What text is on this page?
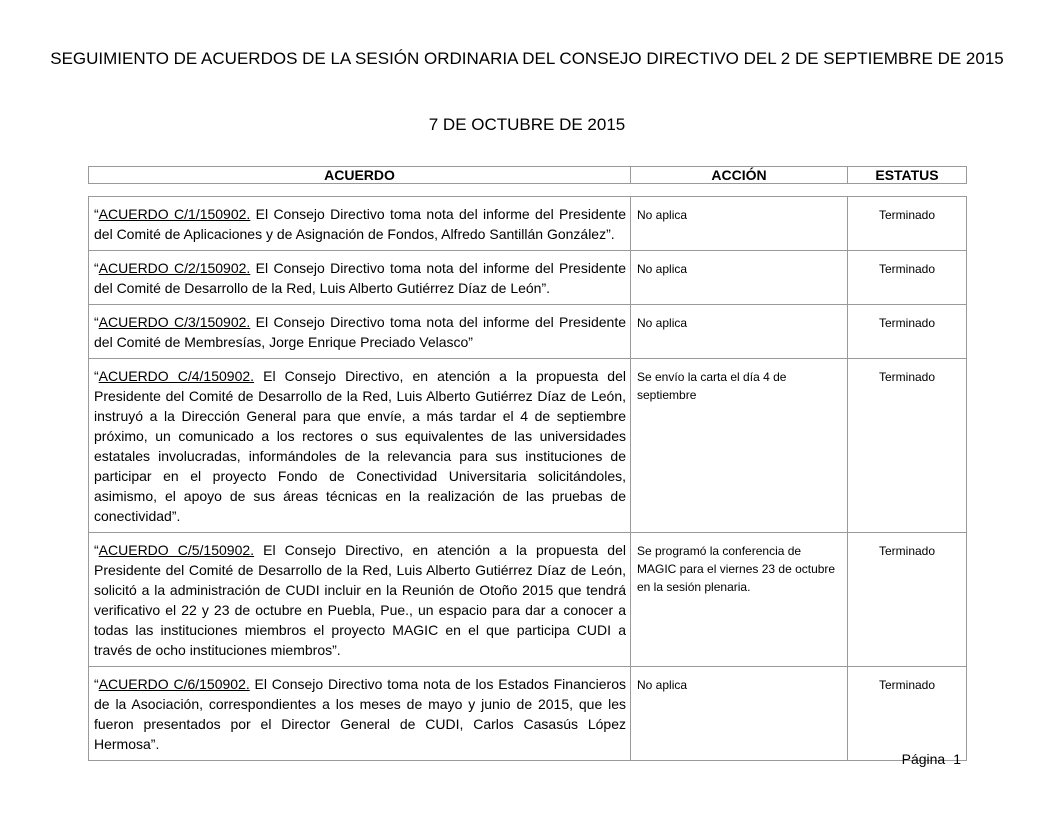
SEGUIMIENTO DE ACUERDOS DE LA SESIÓN ORDINARIA DEL CONSEJO DIRECTIVO DEL 2 DE SEPTIEMBRE DE 2015
7 DE OCTUBRE DE 2015
ACUERDO	ACCIÓN	ESTATUS
“ACUERDO C/1/150902. El Consejo Directivo toma nota del informe del Presidente del Comité de Aplicaciones y de Asignación de Fondos, Alfredo Santillán González”.	No aplica	Terminado
“ACUERDO C/2/150902. El Consejo Directivo toma nota del informe del Presidente del Comité de Desarrollo de la Red, Luis Alberto Gutiérrez Díaz de León”.	No aplica	Terminado
“ACUERDO C/3/150902. El Consejo Directivo toma nota del informe del Presidente del Comité de Membresías, Jorge Enrique Preciado Velasco”	No aplica	Terminado
“ACUERDO C/4/150902. El Consejo Directivo, en atención a la propuesta del Presidente del Comité de Desarrollo de la Red, Luis Alberto Gutiérrez Díaz de León, instruyó a la Dirección General para que envíe, a más tardar el 4 de septiembre próximo, un comunicado a los rectores o sus equivalentes de las universidades estatales involucradas, informándoles de la relevancia para sus instituciones de participar en el proyecto Fondo de Conectividad Universitaria solicitándoles, asimismo, el apoyo de sus áreas técnicas en la realización de las pruebas de conectividad”.	Se envío la carta el día 4 de septiembre	Terminado
“ACUERDO C/5/150902. El Consejo Directivo, en atención a la propuesta del Presidente del Comité de Desarrollo de la Red, Luis Alberto Gutiérrez Díaz de León, solicitó a la administración de CUDI incluir en la Reunión de Otoño 2015 que tendrá verificativo el 22 y 23 de octubre en Puebla, Pue., un espacio para dar a conocer a todas las instituciones miembros el proyecto MAGIC en el que participa CUDI a través de ocho instituciones miembros”.	Se programó la conferencia de MAGIC para el viernes 23 de octubre en la sesión plenaria.	Terminado
“ACUERDO C/6/150902. El Consejo Directivo toma nota de los Estados Financieros de la Asociación, correspondientes a los meses de mayo y junio de 2015, que les fueron presentados por el Director General de CUDI, Carlos Casasús López Hermosa”.	No aplica	Terminado
Página 1
